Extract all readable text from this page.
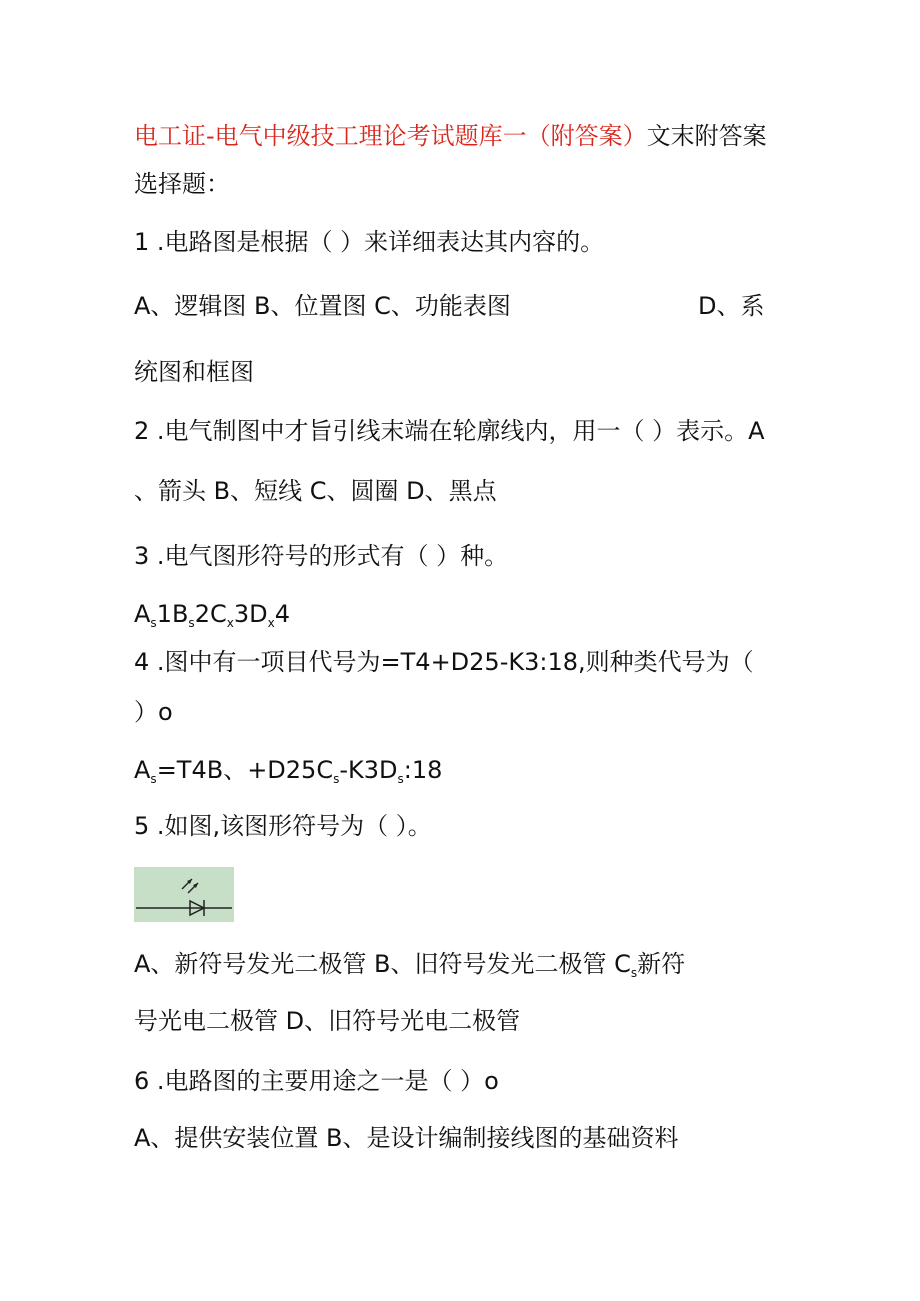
电工证-电气中级技工理论考试题库一（附答案）文末附答案

选择题：

1 .电路图是根据（ ）来详细表达其内容的。

A、逻辑图 B、位置图 C、功能表图	D、系

统图和框图

2 .电气制图中才旨引线末端在轮廓线内，用一（ ）表示。A

、箭头 B、短线 C、圆圈 D、黑点

3 .电气图形符号的形式有（ ）种。

$A_s1B_s2C_x3D_x4$

4 .图中有一项目代号为=T4+D25-K3:18,则种类代号为（

）o

$A_s=T4B$、$+D25C_s-K3D_s:18$

5 .如图,该图形符号为（ ）。

A、新符号发光二极管 B、旧符号发光二极管 $C_s$新符

号光电二极管 D、旧符号光电二极管

6 .电路图的主要用途之一是（ ）o

A、提供安装位置 B、是设计编制接线图的基础资料
